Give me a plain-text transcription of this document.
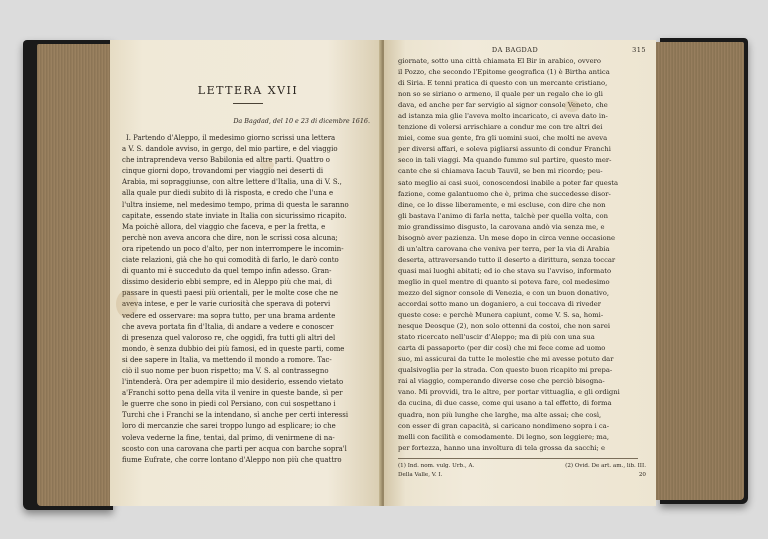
LETTERA XVII
Da Bagdad, del 10 e 23 di dicembre 1616.
I. Partendo d'Aleppo, il medesimo giorno scrissi una lettera
a V. S. dandole avviso, in gergo, del mio partire, e del viaggio
che intraprendeva verso Babilonia ed altre parti. Quattro o
cinque giorni dopo, trovandomi per viaggio nei deserti di
Arabia, mi sopraggiunse, con altre lettere d'Italia, una di V. S.,
alla quale pur diedi subito di là risposta, e credo che l'una e
l'ultra insieme, nel medesimo tempo, prima di questa le saranno
capitate, essendo state inviate in Italia con sicurissimo ricapito.
Ma poichè allora, del viaggio che faceva, e per la fretta, e
perchè non aveva ancora che dire, non le scrissi cosa alcuna;
ora ripetendo un poco d'alto, per non interrompere le incomin-
ciate relazioni, già che ho qui comodità di farlo, le darò conto
di quanto mi è succeduto da quel tempo infin adesso. Gran-
dissimo desiderio ebbi sempre, ed in Aleppo più che mai, di
passare in questi paesi più orientali, per le molte cose che ne
aveva intese, e per le varie curiosità che sperava di potervi
vedere ed osservare: ma sopra tutto, per una brama ardente
che aveva portata fin d'Italia, di andare a vedere e conoscer
di presenza quel valoroso re, che oggidì, fra tutti gli altri del
mondo, è senza dubbio dei più famosi, ed in queste parti, come
si dee sapere in Italia, va mettendo il mondo a romore. Tac-
ciò il suo nome per buon rispetto; ma V. S. al contrassegno
l'intenderà. Ora per adempire il mio desiderio, essendo vietato
a'Franchi sotto pena della vita il venire in queste bande, sì per
le guerre che sono in piedi col Persiano, con cui sospettano i
Turchi che i Franchi se la intendano, sì anche per certi interessi
loro di mercanzie che sarei troppo lungo ad esplicare; io che
voleva vederne la fine, tentai, dal primo, di venirmene di na-
scosto con una carovana che parti per acqua con barche sopra'l
fiume Eufrate, che corre lontano d'Aleppo non più che quattro
DA BAGDAD	315
giornate, sotto una città chiamata El Bir in arabico, ovvero
il Pozzo, che secondo l'Epitome geografica (1) è Birtha antica
di Siria. E tenni pratica di questo con un mercante cristiano,
non so se siriano o armeno, il quale per un regalo che io gli
dava, ed anche per far servigio al signor console Veneto, che
ad istanza mia glie l'aveva molto incaricato, ci aveva dato in-
tenzione di volersi arrischiare a condur me con tre altri dei
miei, come sua gente, fra gli uomini suoi, che molti ne aveva
per diversi affari, e soleva pigliarsi assunto di condur Franchi
seco in tali viaggi. Ma quando fummo sul partire, questo mer-
cante che si chiamava Iacub Tauvil, se ben mi ricordo; peu-
sato meglio ai casi suoi, conoscendosi inabile a poter far questa
fazione, come galantuomo che è, prima che succedesse disor-
dine, ce lo disse liberamente, e mi escluse, con dire che non
gli bastava l'animo di farla netta, talchè per quella volta, con
mio grandissimo disgusto, la carovana andò via senza me, e
bisognò aver pazienza. Un mese dopo in circa venne occasione
di un'altra carovana che veniva per terra, per la via di Arabia
deserta, attraversando tutto il deserto a dirittura, senza toccar
quasi mai luoghi abitati; ed io che stava su l'avviso, informato
meglio in quel mentre di quanto si poteva fare, col medesimo
mezzo del signor console di Venezia, e con un buon donativo,
accordai sotto mano un doganiero, a cui toccava di riveder
queste cose: e perchè Munera capiunt, come V. S. sa, homi-
nesque Deosque (2), non solo ottenni da costoi, che non sarei
stato ricercato nell'uscir d'Aleppo; ma di più con una sua
carta di passaporto (per dir così) che mi fece come ad uomo
suo, mi assicurai da tutte le molestie che mi avesse potuto dar
qualsivoglia per la strada. Con questo buon ricapito mi prepa-
rai al viaggio, comperando diverse cose che perciò bisogna-
vano. Mi provvidi, tra le altre, per portar vittuaglia, e gli ordigni
da cucina, di due casse, come qui usano a tal effetto, di forma
quadra, non più lunghe che larghe, ma alte assai; che così,
con esser di gran capacità, si caricano nondimeno sopra i ca-
melli con facilità e comodamente. Di legno, son leggiere; ma,
per fortezza, hanno una involtura di tela grossa da sacchi; e
(1) Ind. nom. vulg. Urb., A.	(2) Ovid. De art. am., lib. III.
Della Valle, V. I.	20
